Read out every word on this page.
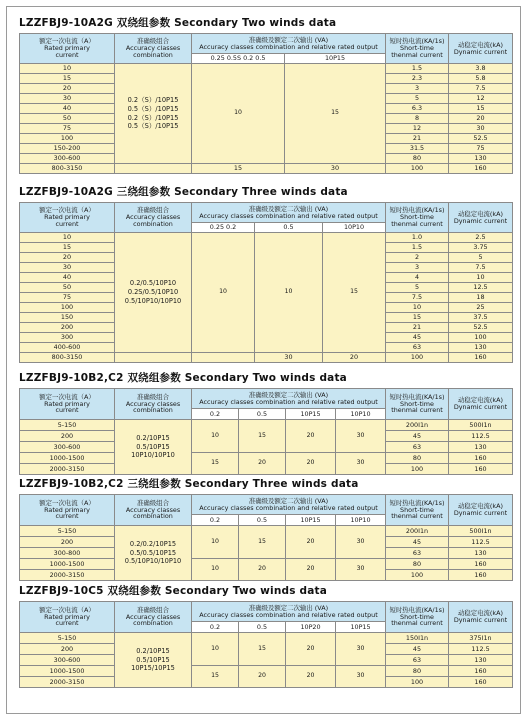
LZZFBJ9-10A2G 双绕组参数 Secondary Two winds data
额定一次电流（A）
Rated primary
current	准确级组合
Accuracy classes
combination	准确级及额定二次输出 (VA)
Accuracy classes combination and relative rated output		短时热电流(KA/1s)
Short-time
thenmal current	动稳定电流(kA)
Dynamic current

		0.25 0.5S 0.2 0.5	10P15		
10	0.2（S）/10P15
0.5（S）/10P15
0.2（S）/10P15
0.5（S）/10P15	10	15	1.5	3.8
15				2.3	5.8
20				3	7.5
30				5	12
40				6.3	15
50				8	20
75				12	30
100				21	52.5
150-200				31.5	75
300-600				80	130
800-3150		15	30	100	160
LZZFBJ9-10A2G 三绕组参数 Secondary Three winds data
额定一次电流（A）
Rated primary
current	准确级组合
Accuracy classes
combination	准确级及额定二次输出 (VA)
Accuracy classes combination and relative rated output			短时热电流(KA/1s)
Short-time
thenmal current	动稳定电流(kA)
Dynamic current

		0.25 0.2	0.5	10P10		
10	0.2/0.5/10P10
0.2S/0.5/10P10
0.5/10P10/10P10	10	10	15	1.0	2.5
15					1.5	3.75
20					2	5
30					3	7.5
40					4	10
50					5	12.5
75					7.5	18
100					10	25
150					15	37.5
200					21	52.5
300					45	100
400-600					63	130
800-3150			30	20	100	160
LZZFBJ9-10B2,C2 双绕组参数 Secondary Two winds data
额定一次电流（A）
Rated primary
current	准确级组合
Accuracy classes
combination	准确级及额定二次输出 (VA)
Accuracy classes combination and relative rated output				短时热电流(KA/1s)
Short-time
thenmal current	动稳定电流(kA)
Dynamic current

		0.2	0.5	10P15	10P10		
5-150	0.2/10P15
0.5/10P15
10P10/10P10	10	15	20	30	200I1n	500I1n
200						45	112.5
300-600						63	130
1000-1500		15	20	20	30	80	160
2000-3150						100	160
LZZFBJ9-10B2,C2 三绕组参数 Secondary Three winds data
额定一次电流（A）
Rated primary
current	准确级组合
Accuracy classes
combination	准确级及额定二次输出 (VA)
Accuracy classes combination and relative rated output				短时热电流(KA/1s)
Short-time
thenmal current	动稳定电流(kA)
Dynamic current

		0.2	0.5	10P15	10P10		
5-150	0.2/0.2/10P15
0.5/0.5/10P15
0.5/10P10/10P10	10	15	20	30	200I1n	500I1n
200						45	112.5
300-800						63	130
1000-1500		10	20	20	30	80	160
2000-3150						100	160
LZZFBJ9-10C5 双绕组参数 Secondary Two winds data
额定一次电流（A）
Rated primary
current	准确级组合
Accuracy classes
combination	准确级及额定二次输出 (VA)
Accuracy classes combination and relative rated output				短时热电流(KA/1s)
Short-time
thenmal current	动稳定电流(kA)
Dynamic current

		0.2	0.5	10P20	10P15		
5-150	0.2/10P15
0.5/10P15
10P15/10P15	10	15	20	30	150I1n	375I1n
200						45	112.5
300-600						63	130
1000-1500		15	20	20	30	80	160
2000-3150						100	160
